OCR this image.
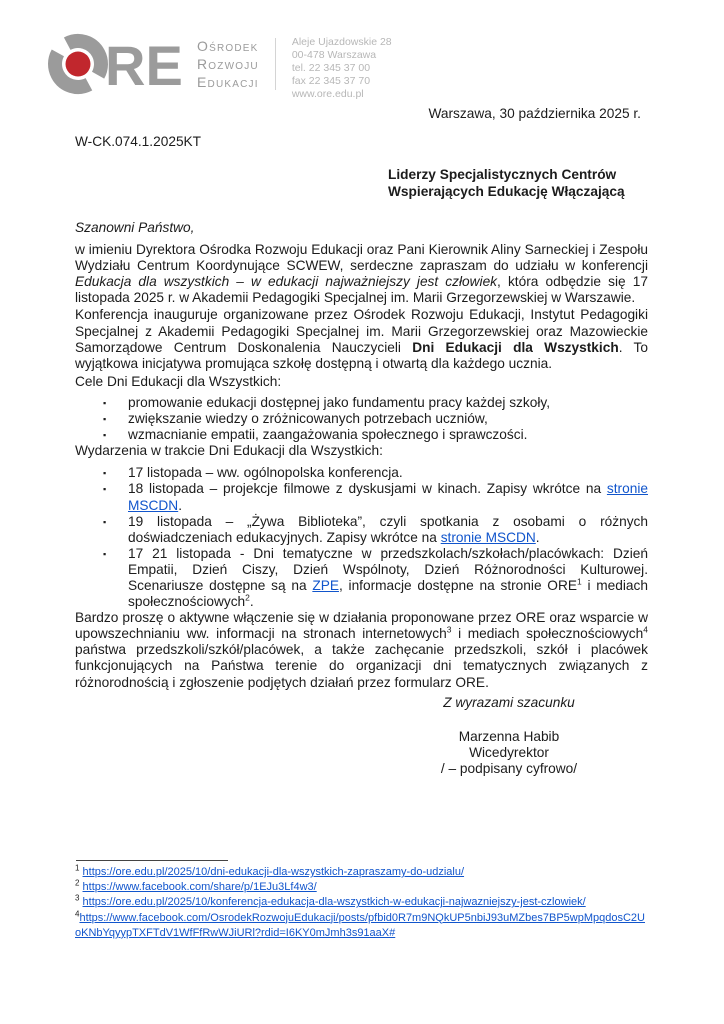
RE Ośrodek
Rozwoju
Edukacji
Aleje Ujazdowskie 28
00-478 Warszawa
tel. 22 345 37 00
fax 22 345 37 70
www.ore.edu.pl
Warszawa, 30 października 2025 r.
W-CK.074.1.2025KT
Liderzy Specjalistycznych Centrów
Wspierających Edukację Włączającą
Szanowni Państwo,
w imieniu Dyrektora Ośrodka Rozwoju Edukacji oraz Pani Kierownik Aliny Sarneckiej i Zespołu Wydziału Centrum Koordynujące SCWEW, serdeczne zapraszam do udziału w konferencji Edukacja dla wszystkich – w edukacji najważniejszy jest człowiek, która odbędzie się 17 listopada 2025 r. w Akademii Pedagogiki Specjalnej im. Marii Grzegorzewskiej w Warszawie.
Konferencja inauguruje organizowane przez Ośrodek Rozwoju Edukacji, Instytut Pedagogiki Specjalnej z Akademii Pedagogiki Specjalnej im. Marii Grzegorzewskiej oraz Mazowieckie Samorządowe Centrum Doskonalenia Nauczycieli Dni Edukacji dla Wszystkich. To wyjątkowa inicjatywa promująca szkołę dostępną i otwartą dla każdego ucznia.
Cele Dni Edukacji dla Wszystkich:
▪	promowanie edukacji dostępnej jako fundamentu pracy każdej szkoły,
▪	zwiększanie wiedzy o zróżnicowanych potrzebach uczniów,
▪	wzmacnianie empatii, zaangażowania społecznego i sprawczości.
Wydarzenia w trakcie Dni Edukacji dla Wszystkich:
▪	17 listopada – ww. ogólnopolska konferencja.
▪	18 listopada – projekcje filmowe z dyskusjami w kinach. Zapisy wkrótce na stronie MSCDN.
▪	19 listopada – „Żywa Biblioteka”, czyli spotkania z osobami o różnych doświadczeniach edukacyjnych. Zapisy wkrótce na stronie MSCDN.
▪	17 21 listopada - Dni tematyczne w przedszkolach/szkołach/placówkach: Dzień Empatii, Dzień Ciszy, Dzień Wspólnoty, Dzień Różnorodności Kulturowej. Scenariusze dostępne są na ZPE, informacje dostępne na stronie ORE$^1$ i mediach społecznościowych$^2$.
Bardzo proszę o aktywne włączenie się w działania proponowane przez ORE oraz wsparcie w upowszechnianiu ww. informacji na stronach internetowych$^3$ i mediach społecznościowych$^4$ państwa przedszkoli/szkół/placówek, a także zachęcanie przedszkoli, szkół i placówek funkcjonujących na Państwa terenie do organizacji dni tematycznych związanych z różnorodnością i zgłoszenie podjętych działań przez formularz ORE.
Z wyrazami szacunku
Marzenna Habib
Wicedyrektor
/ – podpisany cyfrowo/
$^1$ https://ore.edu.pl/2025/10/dni-edukacji-dla-wszystkich-zapraszamy-do-udzialu/
$^2$ https://www.facebook.com/share/p/1EJu3Lf4w3/
$^3$ https://ore.edu.pl/2025/10/konferencja-edukacja-dla-wszystkich-w-edukacji-najwazniejszy-jest-czlowiek/
$^4$https://www.facebook.com/OsrodekRozwojuEdukacji/posts/pfbid0R7m9NQkUP5nbiJ93uMZbes7BP5wpMpqdosC2UoKNbYqyypTXFTdV1WfFfRwWJiURl?rdid=I6KY0mJmh3s91aaX#
